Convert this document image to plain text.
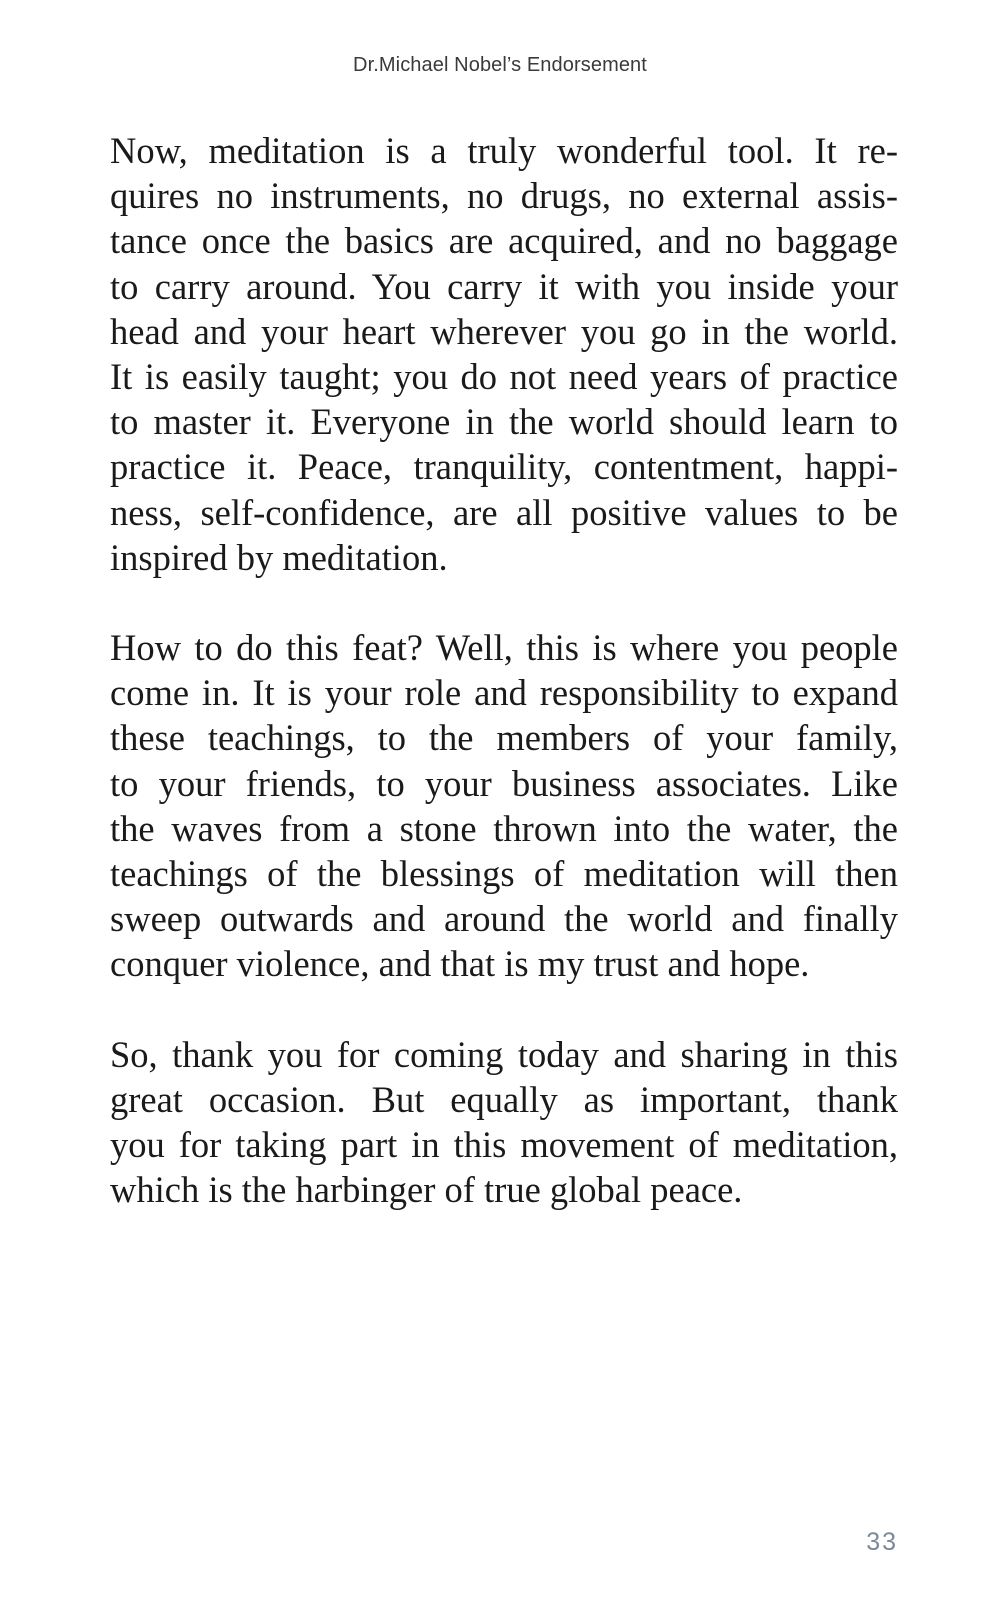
Dr.Michael Nobel’s Endorsement

Now, meditation is a truly wonderful tool. It re-
quires no instruments, no drugs, no external assis-
tance once the basics are acquired, and no baggage
to carry around. You carry it with you inside your
head and your heart wherever you go in the world.
It is easily taught; you do not need years of practice
to master it. Everyone in the world should learn to
practice it. Peace, tranquility, contentment, happi-
ness, self-confidence, are all positive values to be
inspired by meditation.

How to do this feat? Well, this is where you people
come in. It is your role and responsibility to expand
these teachings, to the members of your family,
to your friends, to your business associates. Like
the waves from a stone thrown into the water, the
teachings of the blessings of meditation will then
sweep outwards and around the world and finally
conquer violence, and that is my trust and hope.

So, thank you for coming today and sharing in this
great occasion. But equally as important, thank
you for taking part in this movement of meditation,
which is the harbinger of true global peace.

33
